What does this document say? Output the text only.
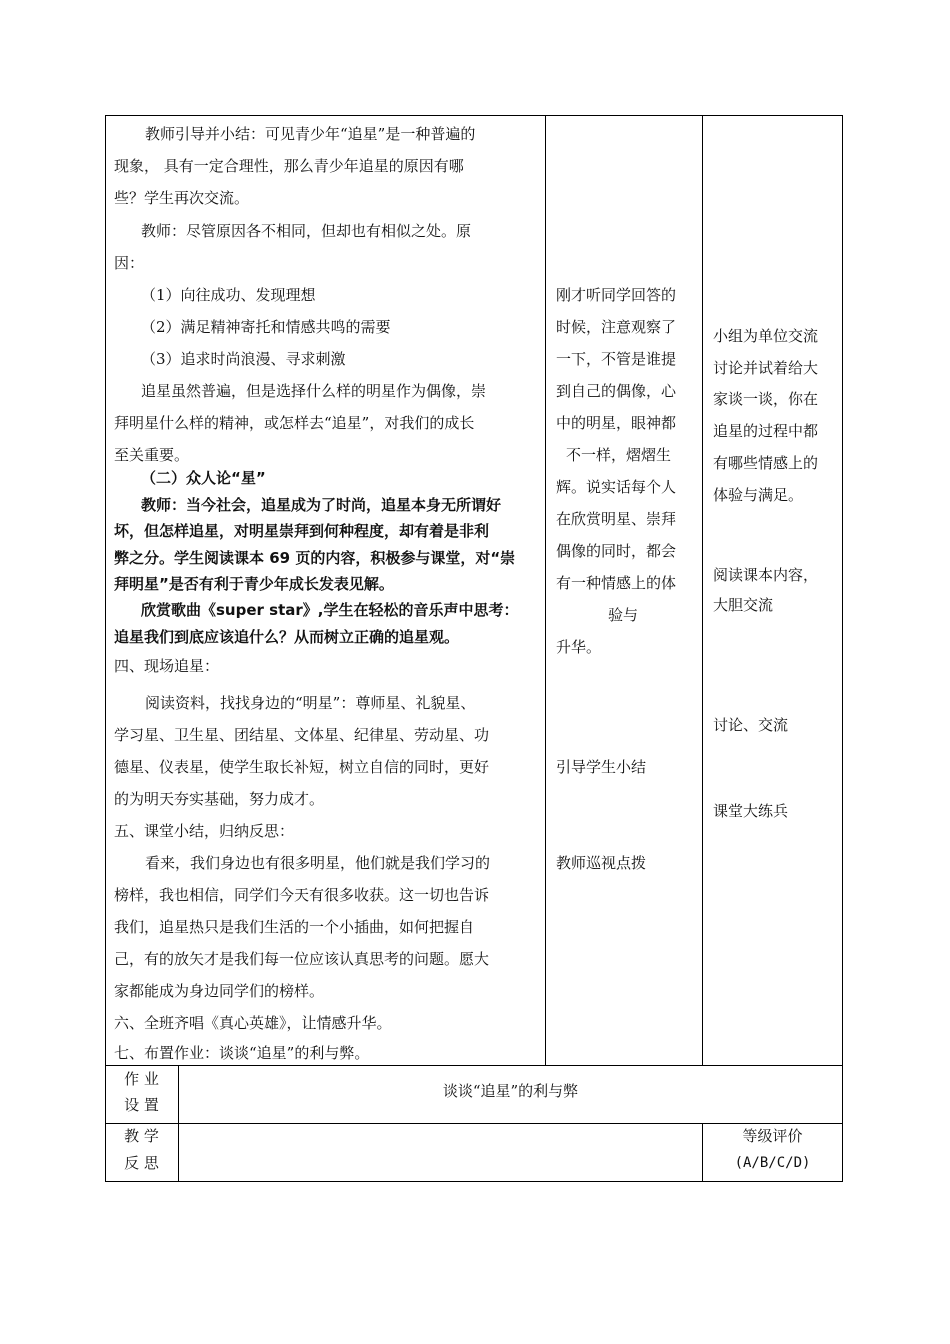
教师引导并小结：可见青少年“追星”是一种普遍的
现象， 具有一定合理性，那么青少年追星的原因有哪
些？学生再次交流。
教师：尽管原因各不相同，但却也有相似之处。原
因：
（1）向往成功、发现理想
（2）满足精神寄托和情感共鸣的需要
（3）追求时尚浪漫、寻求刺激
追星虽然普遍，但是选择什么样的明星作为偶像，崇
拜明星什么样的精神，或怎样去“追星”，对我们的成长
至关重要。
（二）众人论“星”
教师：当今社会，追星成为了时尚，追星本身无所谓好
坏，但怎样追星，对明星崇拜到何种程度，却有着是非利
弊之分。学生阅读课本 69 页的内容，积极参与课堂，对“崇
拜明星”是否有利于青少年成长发表见解。
欣赏歌曲《super star》,学生在轻松的音乐声中思考：
追星我们到底应该追什么？从而树立正确的追星观。
四、现场追星：
阅读资料，找找身边的“明星”：尊师星、礼貌星、
学习星、卫生星、团结星、文体星、纪律星、劳动星、功
德星、仪表星，使学生取长补短，树立自信的同时，更好
的为明天夯实基础，努力成才。
五、课堂小结，归纳反思：
看来，我们身边也有很多明星，他们就是我们学习的
榜样，我也相信，同学们今天有很多收获。这一切也告诉
我们，追星热只是我们生活的一个小插曲，如何把握自
己，有的放矢才是我们每一位应该认真思考的问题。愿大
家都能成为身边同学们的榜样。
六、全班齐唱《真心英雄》，让情感升华。
七、布置作业：谈谈“追星”的利与弊。
刚才听同学回答的
时候，注意观察了
一下，不管是谁提
到自己的偶像，心
中的明星，眼神都
不一样，熠熠生
辉。说实话每个人
在欣赏明星、崇拜
偶像的同时，都会
有一种情感上的体
验与
升华。
引导学生小结
教师巡视点拨
小组为单位交流
讨论并试着给大
家谈一谈，你在
追星的过程中都
有哪些情感上的
体验与满足。
阅读课本内容，
大胆交流
讨论、交流
课堂大练兵
作 业
设 置
谈谈“追星”的利与弊
教 学
反 思
等级评价
(A/B/C/D)
